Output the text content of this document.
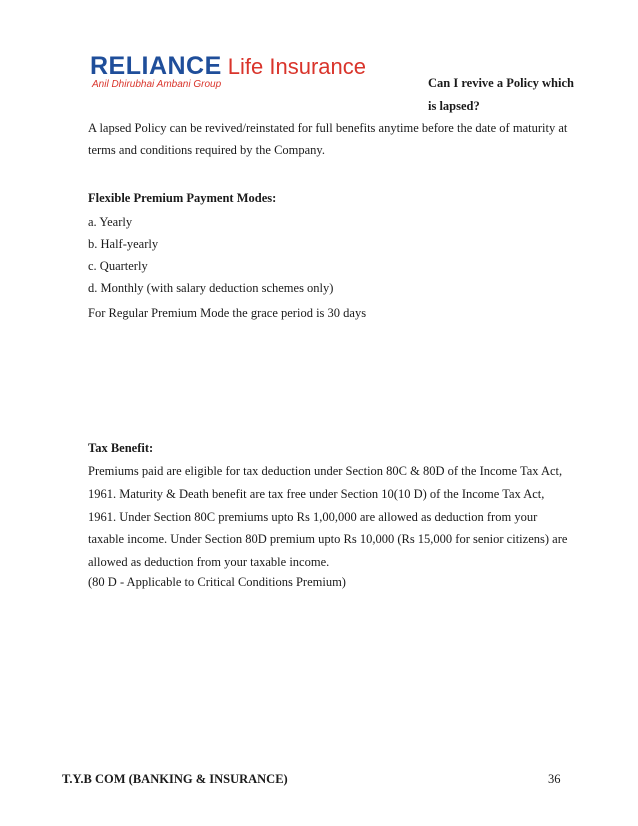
RELIANCE Life Insurance
Anil Dhirubhai Ambani Group	Can I revive a Policy which
is lapsed?
A lapsed Policy can be revived/reinstated for full benefits anytime before the date of maturity at
terms and conditions required by the Company.
Flexible Premium Payment Modes:
a. Yearly
b. Half-yearly
c. Quarterly
d. Monthly (with salary deduction schemes only)
For Regular Premium Mode the grace period is 30 days
Tax Benefit:
Premiums paid are eligible for tax deduction under Section 80C & 80D of the Income Tax Act,
1961. Maturity & Death benefit are tax free under Section 10(10 D) of the Income Tax Act,
1961. Under Section 80C premiums upto Rs 1,00,000 are allowed as deduction from your
taxable income. Under Section 80D premium upto Rs 10,000 (Rs 15,000 for senior citizens) are
allowed as deduction from your taxable income.
(80 D - Applicable to Critical Conditions Premium)
T.Y.B COM (BANKING & INSURANCE)	36
